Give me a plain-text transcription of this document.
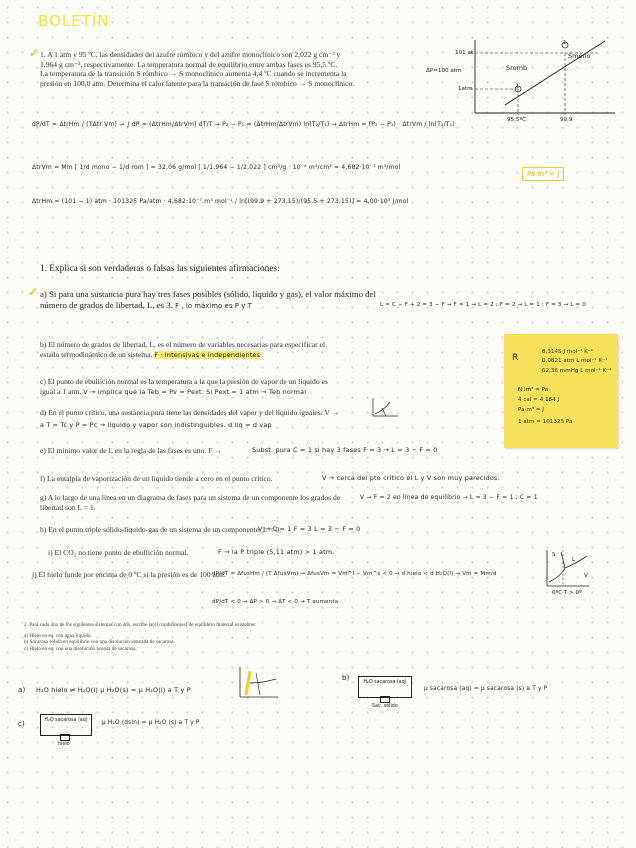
BOLETÍN
✓ 1. A 1 atm y 95 ºC, las densidades del azufre rómbico y del azufre monoclínico son 2,022 g cm⁻³ y
1,964 g cm⁻³, respectivamente. La temperatura normal de equilibrio entre ambas fases es 95,5 ºC.
La temperatura de la transición S rómbico → S monoclínico aumenta 4,4 ºC cuando se incrementa la
presión en 100,0 atm. Determina el calor latente para la transición de fase S rómbico → S monoclínico.
ΔP=100 atm
101 at
1atm
95,5ºC	99,9
Sromb
Smono
2
1
dP/dT = ΔtrHm / (TΔtr Vm) → ∫ dP = (ΔtrHm/ΔtrVm) dT/T → P₂ − P₁ = (ΔtrHm/ΔtrVm) ln(T₂/T₁) → ΔtrHm = (P₂ − P₁) · ΔtrVm / ln(T₂/T₁)
ΔtrVm = Mm [ 1/d mono − 1/d rom ] = 32,06 g/mol [ 1/1,964 − 1/2,022 ] cm³/g · 10⁻⁶ m³/cm³ = 4,682·10⁻⁷ m³/mol
ΔtrHm = (101 − 1) atm · 101325 Pa/atm · 4,682·10⁻⁷ m³ mol⁻¹ / ln[(99,9 + 273,15)/(95,5 + 273,15)] = 4,00·10³ J/mol
Pa·m³ = J
1. Explica si son verdaderas o falsas las siguientes afirmaciones:
✓ a) Si para una sustancia pura hay tres fases posibles (sólido, líquido y gas), el valor máximo del
número de grados de libertad, L, es 3. F , lo máximo es P y T	L = C − F + 2 = 3 − F → F = 1 → L = 2 ; F = 2 → L = 1 ; F = 3 → L = 0
b) El número de grados de libertad, L, es el número de variables necesarias para especificar el
estado termodinámico de un sistema. F · intensivas e independientes
c) El punto de ebullición normal es la temperatura a la que la presión de vapor de un líquido es
igual a 1 atm. V → implica que la Teb = Pv = Pext. Si Pext = 1 atm → Teb normal
d) En el punto crítico, una sustancia pura tiene las densidades del vapor y del líquido iguales. V →
a T = Tc y P = Pc → líquido y vapor son indistinguibles. d liq = d vap
e) El mínimo valor de L en la regla de las fases es uno. F →	Subst. pura C = 1 si hay 3 fases F = 3 → L = 3 − F = 0
f) La entalpía de vaporización de un líquido tiende a cero en el punto crítico.	V → cerca del pto crítico el L y V son muy parecidos.
g) A lo largo de una línea en un diagrama de fases para un sistema de un componente los grados de
libertad son L = 1.
V → F = 2 en línea de equilibrio → L = 3 − F = 1 ; C = 1
h) En el punto triple sólido-líquido-gas de un sistema de un componente, L = 0.
V → C = 1 F = 3 L = 3 − F = 0
i) El CO₂ no tiene punto de ebullición normal.	F → la P triple (5,11 atm) > 1 atm.
j) El hielo funde por encima de 0 ºC si la presión es de 100 atm.
dP/dT = ΔfusHm / (T ΔfusVm) → ΔfusVm = Vm^l − Vm^s < 0 → d hielo < d H₂O(l) → Vm = Mm/d
dP/dT < 0 → ΔP > 0 → ΔT < 0 → T aumenta
S
L
V
0ºC T > 0º
8,3145 J mol⁻¹ K⁻¹
0,0821 atm L mol⁻¹ K⁻¹
62,36 mmHg L mol⁻¹ K⁻¹
R
N Im³ = Pa
4 cal = 4,184 J
Pa·m³ = J
1 atm = 101325 Pa
2. Para cada uno de los siguientes sistemas con dos, escribe la(s) condición(es) de equilibrio material existentes:
a) Hielo en eq. con agua líquida.
b) Sacarosa sólida en equilibrio con una disolución saturada de sacarosa.
c) Hielo en eq. con una disolución acuosa de sacarosa.
a) H₂O hielo ⇌ H₂O(l) μ H₂O(s) = μ H₂O(l) a T y P
b)
H₂O sacarosa (aq)
Sac. sólido
μ sacarosa (aq) = μ sacarosa (s) a T y P
c)	H₂O sacarosa (aq)
hielo
μ H₂O (dsln) = μ H₂O (s) a T y P
